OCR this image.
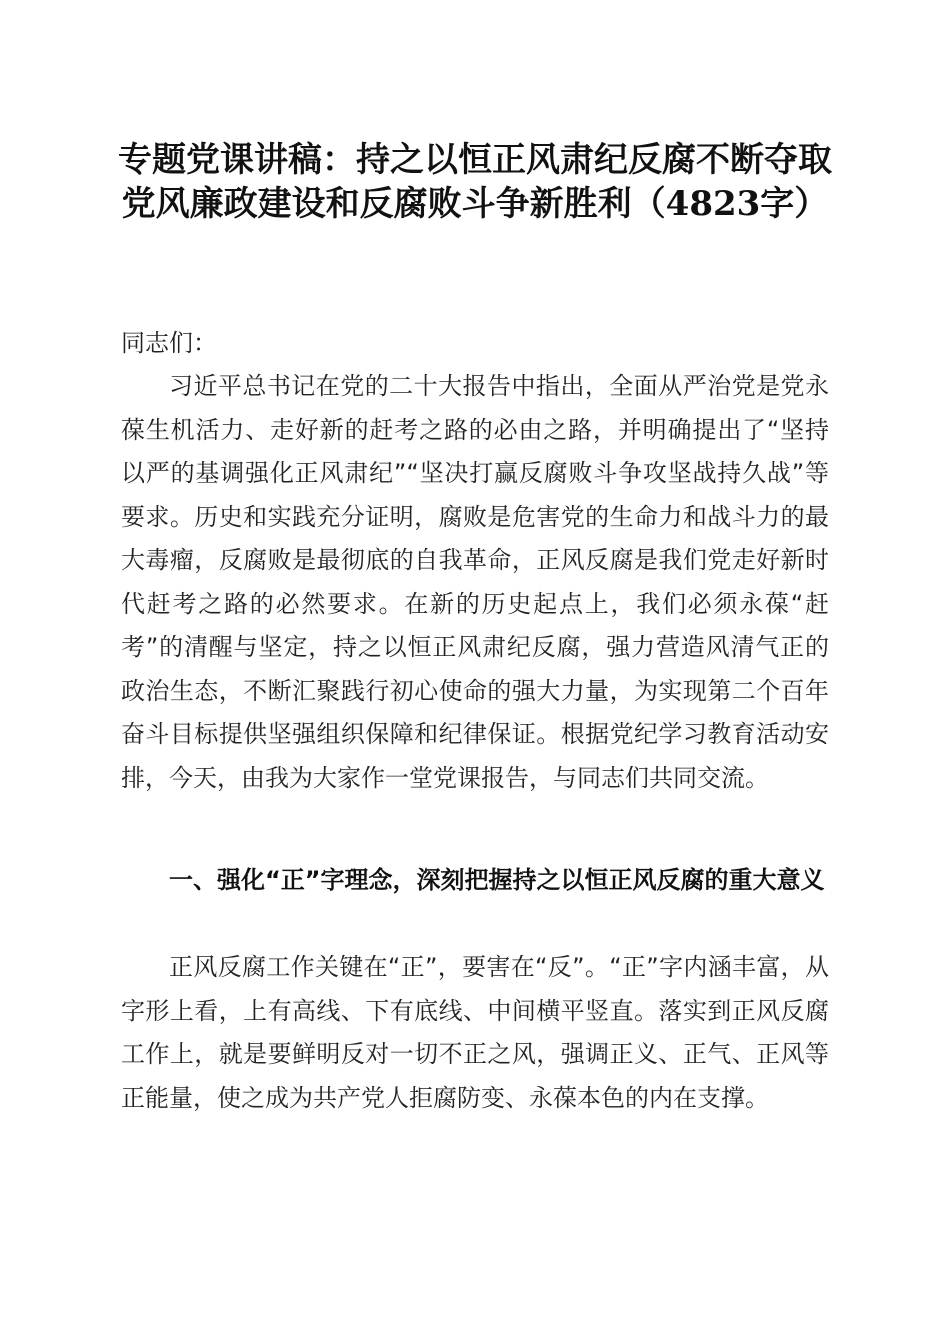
专题党课讲稿：持之以恒正风肃纪反腐不断夺取党风廉政建设和反腐败斗争新胜利（4823字）

同志们：

习近平总书记在党的二十大报告中指出，全面从严治党是党永葆生机活力、走好新的赶考之路的必由之路，并明确提出了“坚持以严的基调强化正风肃纪”“坚决打赢反腐败斗争攻坚战持久战”等要求。历史和实践充分证明，腐败是危害党的生命力和战斗力的最大毒瘤，反腐败是最彻底的自我革命，正风反腐是我们党走好新时代赶考之路的必然要求。在新的历史起点上，我们必须永葆“赶考”的清醒与坚定，持之以恒正风肃纪反腐，强力营造风清气正的政治生态，不断汇聚践行初心使命的强大力量，为实现第二个百年奋斗目标提供坚强组织保障和纪律保证。根据党纪学习教育活动安排，今天，由我为大家作一堂党课报告，与同志们共同交流。

一、强化“正”字理念，深刻把握持之以恒正风反腐的重大意义

正风反腐工作关键在“正”，要害在“反”。“正”字内涵丰富，从字形上看，上有高线、下有底线、中间横平竖直。落实到正风反腐工作上，就是要鲜明反对一切不正之风，强调正义、正气、正风等正能量，使之成为共产党人拒腐防变、永葆本色的内在支撑。
